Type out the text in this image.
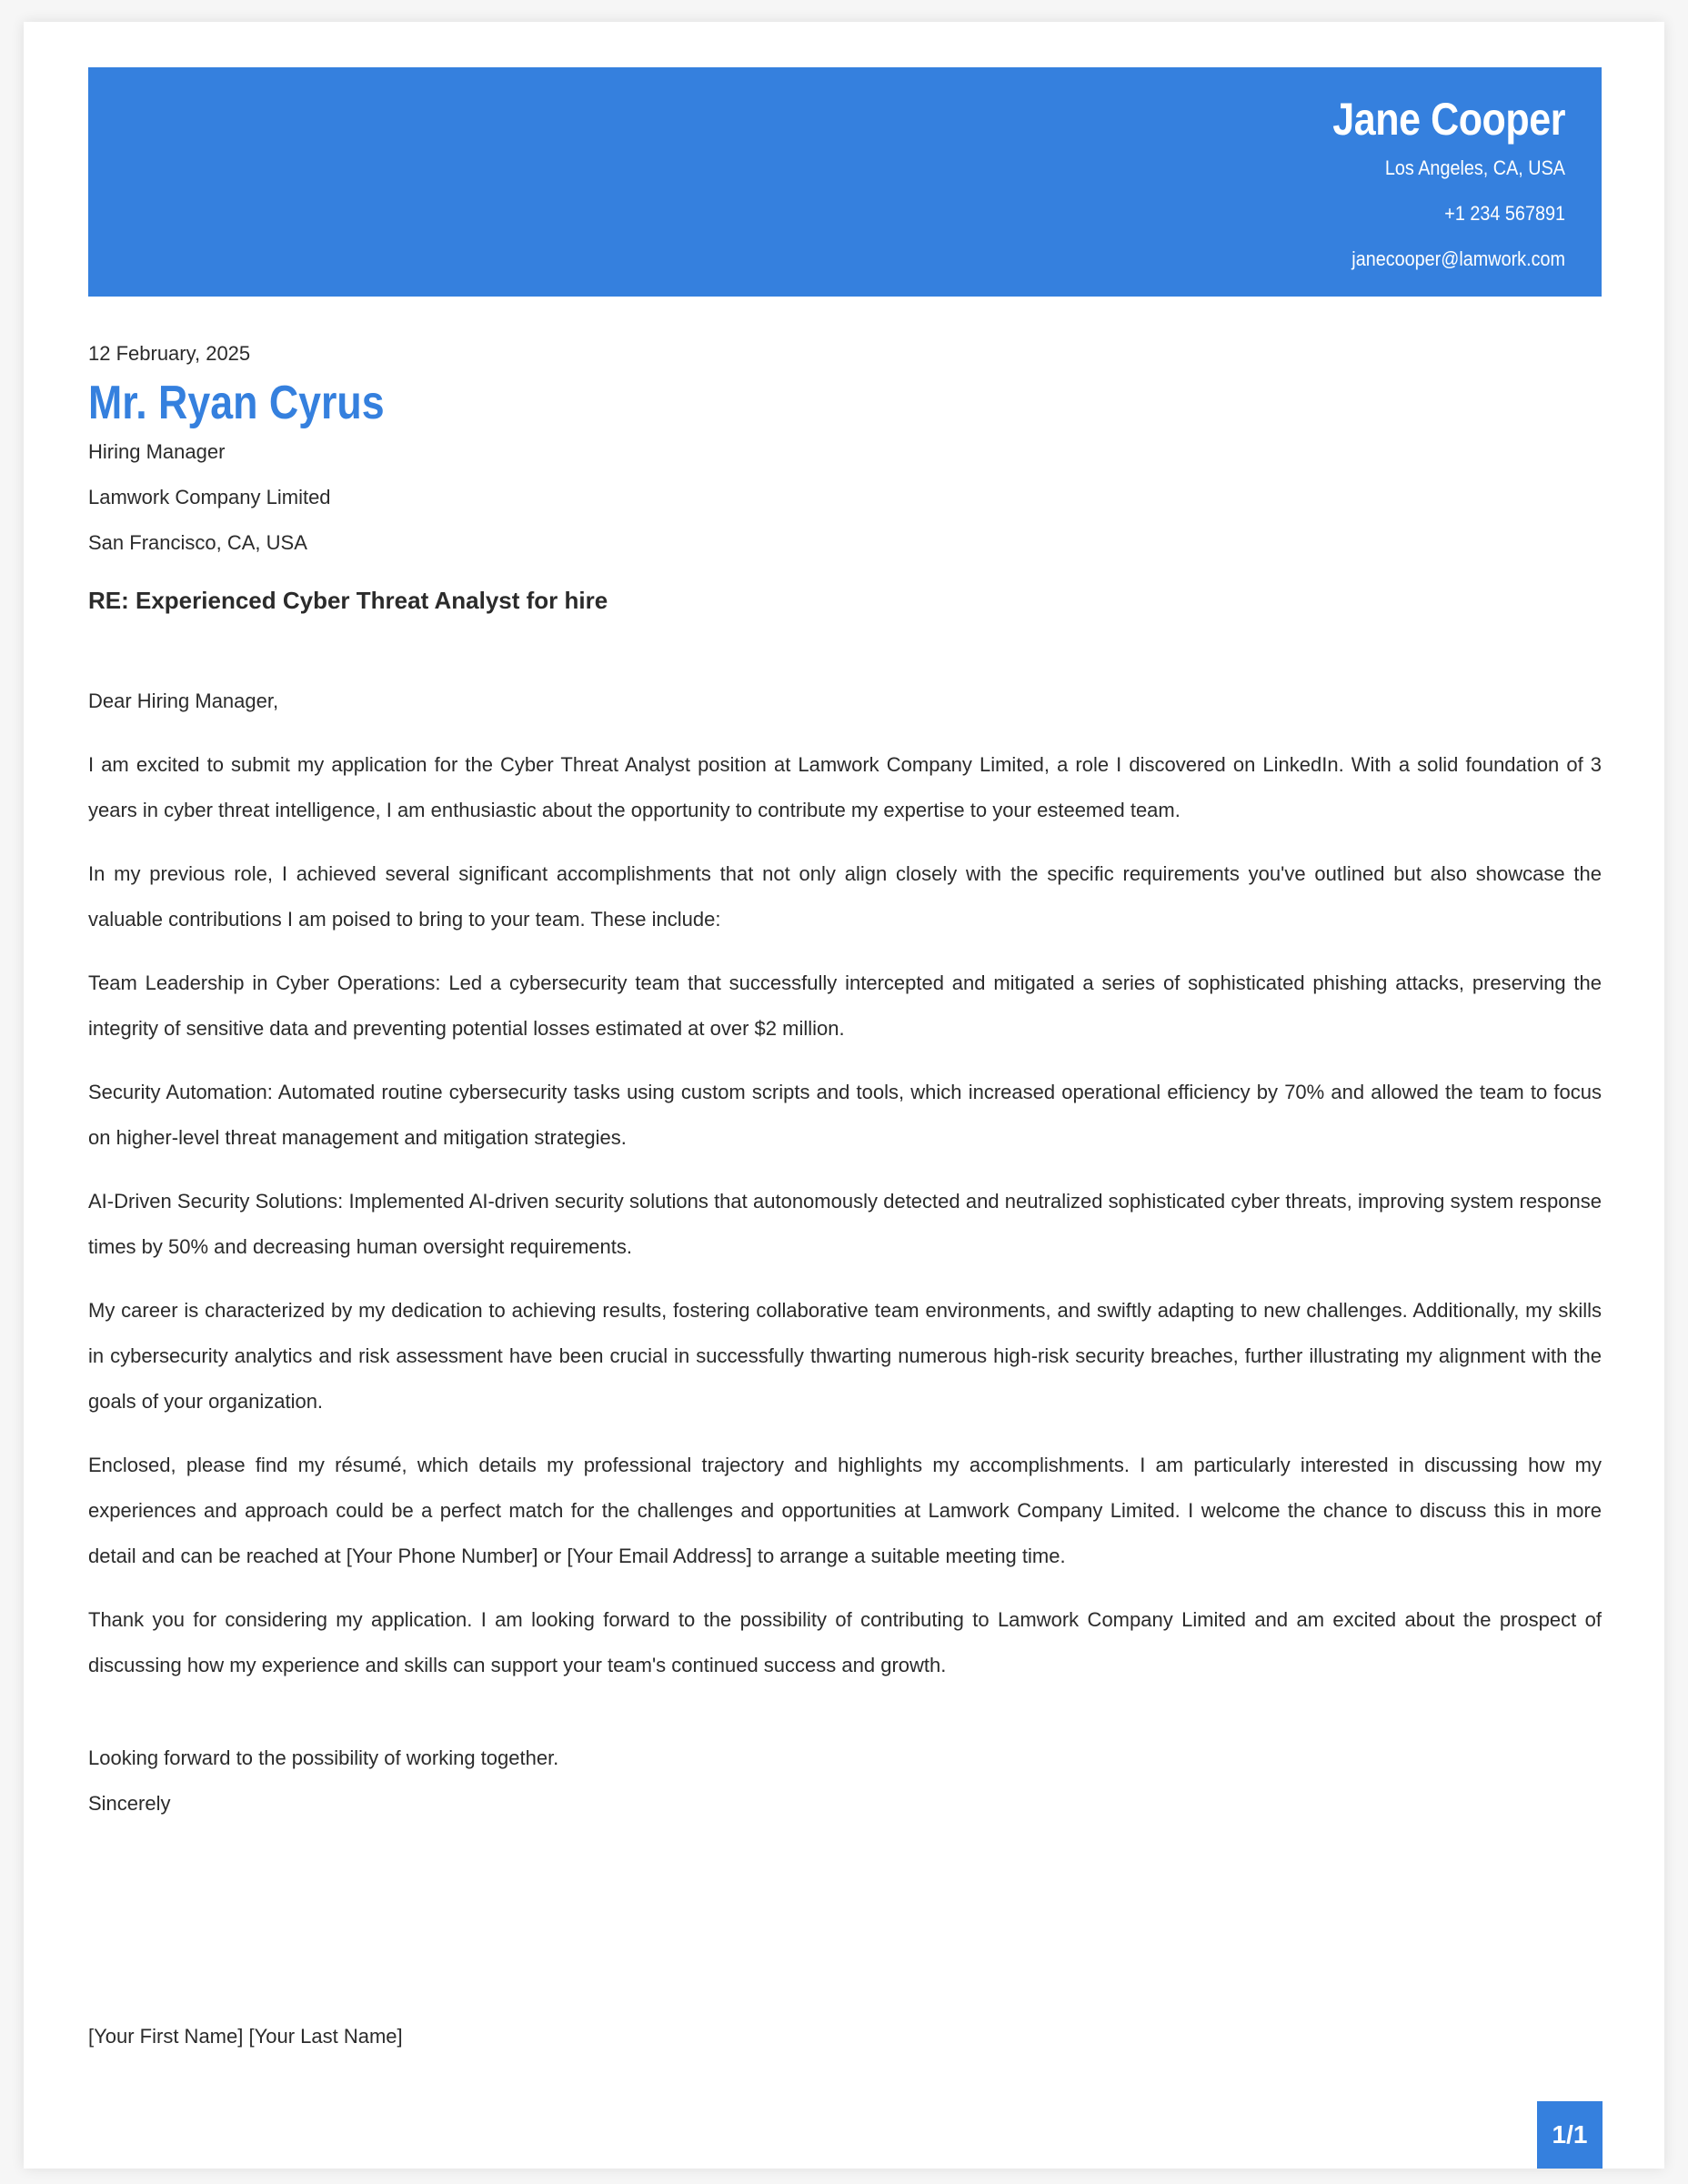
Jane Cooper
Los Angeles, CA, USA
+1 234 567891
janecooper@lamwork.com

12 February, 2025

Mr. Ryan Cyrus

Hiring Manager

Lamwork Company Limited

San Francisco, CA, USA

RE: Experienced Cyber Threat Analyst for hire

Dear Hiring Manager,

I am excited to submit my application for the Cyber Threat Analyst position at Lamwork Company Limited, a role I discovered on LinkedIn. With a solid foundation of 3 years in cyber threat intelligence, I am enthusiastic about the opportunity to contribute my expertise to your esteemed team.

In my previous role, I achieved several significant accomplishments that not only align closely with the specific requirements you've outlined but also showcase the valuable contributions I am poised to bring to your team. These include:

Team Leadership in Cyber Operations: Led a cybersecurity team that successfully intercepted and mitigated a series of sophisticated phishing attacks, preserving the integrity of sensitive data and preventing potential losses estimated at over $2 million.

Security Automation: Automated routine cybersecurity tasks using custom scripts and tools, which increased operational efficiency by 70% and allowed the team to focus on higher-level threat management and mitigation strategies.

AI-Driven Security Solutions: Implemented AI-driven security solutions that autonomously detected and neutralized sophisticated cyber threats, improving system response times by 50% and decreasing human oversight requirements.

My career is characterized by my dedication to achieving results, fostering collaborative team environments, and swiftly adapting to new challenges. Additionally, my skills in cybersecurity analytics and risk assessment have been crucial in successfully thwarting numerous high-risk security breaches, further illustrating my alignment with the goals of your organization.

Enclosed, please find my résumé, which details my professional trajectory and highlights my accomplishments. I am particularly interested in discussing how my experiences and approach could be a perfect match for the challenges and opportunities at Lamwork Company Limited. I welcome the chance to discuss this in more detail and can be reached at [Your Phone Number] or [Your Email Address] to arrange a suitable meeting time.

Thank you for considering my application. I am looking forward to the possibility of contributing to Lamwork Company Limited and am excited about the prospect of discussing how my experience and skills can support your team's continued success and growth.

Looking forward to the possibility of working together.

Sincerely

[Your First Name] [Your Last Name]

1/1
